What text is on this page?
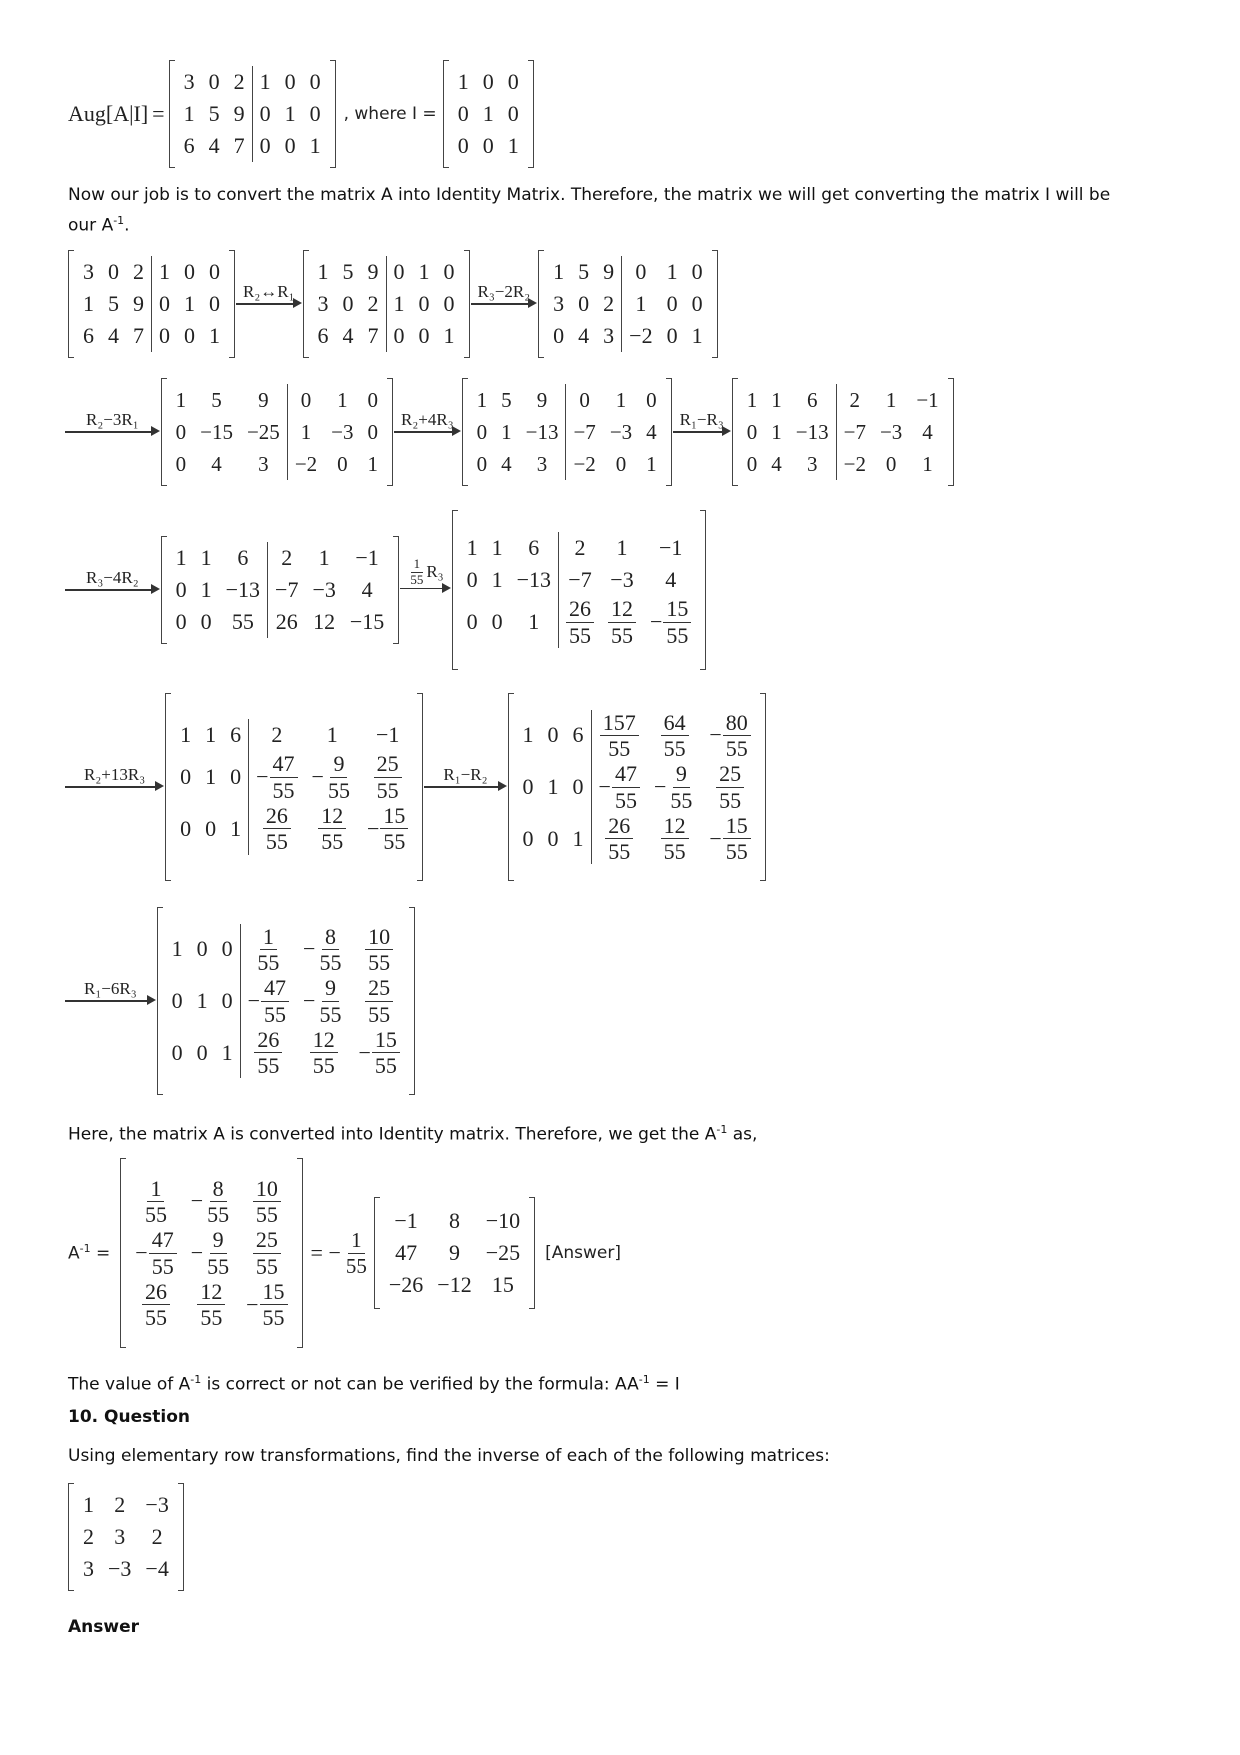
Aug[A|I] =
3	0	2	1	0	0
1	5	9	0	1	0
6	4	7	0	0	1
, where I =
1	0	0
0	1	0
0	0	1

Now our job is to convert the matrix A into Identity Matrix. Therefore, the matrix we will get converting the matrix I will be
our $A^{-1}$.

3	0	2	1	0	0
1	5	9	0	1	0
6	4	7	0	0	1
R₂↔R₁
1	5	9	0	1	0
3	0	2	1	0	0
6	4	7	0	0	1
R₃−2R₂
1	5	9	0	1	0
3	0	2	1	0	0
0	4	3	−2	0	1
R₂−3R₁
1	5	9	0	1	0
0	−15	−25	1	−3	0
0	4	3	−2	0	1
R₂+4R₃
1	5	9	0	1	0
0	1	−13	−7	−3	4
0	4	3	−2	0	1
R₁−R₃
1	1	6	2	1	−1
0	1	−13	−7	−3	4
0	4	3	−2	0	1
R₃−4R₂
1	1	6	2	1	−1
0	1	−13	−7	−3	4
0	0	55	26	12	−15
$\frac{1}{55} R_3$
1	1	6	2	1	−1
0	1	−13	−7	−3	4
0	0	1	$\frac{26}{55}$	$\frac{12}{55}$	− $\frac{15}{55}$
R₂+13R₃
1	1	6	2	1	−1
0	1	0	− $\frac{47}{55}$	− $\frac{9}{55}$	$\frac{25}{55}$

0	0	1	$\frac{26}{55}$	$\frac{12}{55}$	− $\frac{15}{55}$
R₁−R₂
1	0	6	$\frac{157}{55}$	$\frac{64}{55}$	− $\frac{80}{55}$

0	1	0	− $\frac{47}{55}$	− $\frac{9}{55}$	$\frac{25}{55}$

0	0	1	$\frac{26}{55}$	$\frac{12}{55}$	− $\frac{15}{55}$
R₁−6R₃
1	0	0	$\frac{1}{55}$	− $\frac{8}{55}$	$\frac{10}{55}$

0	1	0	− $\frac{47}{55}$	− $\frac{9}{55}$	$\frac{25}{55}$

0	0	1	$\frac{26}{55}$	$\frac{12}{55}$	− $\frac{15}{55}$

Here, the matrix A is converted into Identity matrix. Therefore, we get the $A^{-1}$ as,

$A^{-1}$ =
$\frac{1}{55}$	− $\frac{8}{55}$	$\frac{10}{55}$

− $\frac{47}{55}$	− $\frac{9}{55}$	$\frac{25}{55}$

$\frac{26}{55}$	$\frac{12}{55}$	− $\frac{15}{55}$
= − $\frac{1}{55}$
−1	8	−10
47	9	−25
−26	−12	15
[Answer]

The value of $A^{-1}$ is correct or not can be verified by the formula: $AA^{-1} = I$

10. Question

Using elementary row transformations, find the inverse of each of the following matrices:

1	2	−3
2	3	2
3	−3	−4

Answer
